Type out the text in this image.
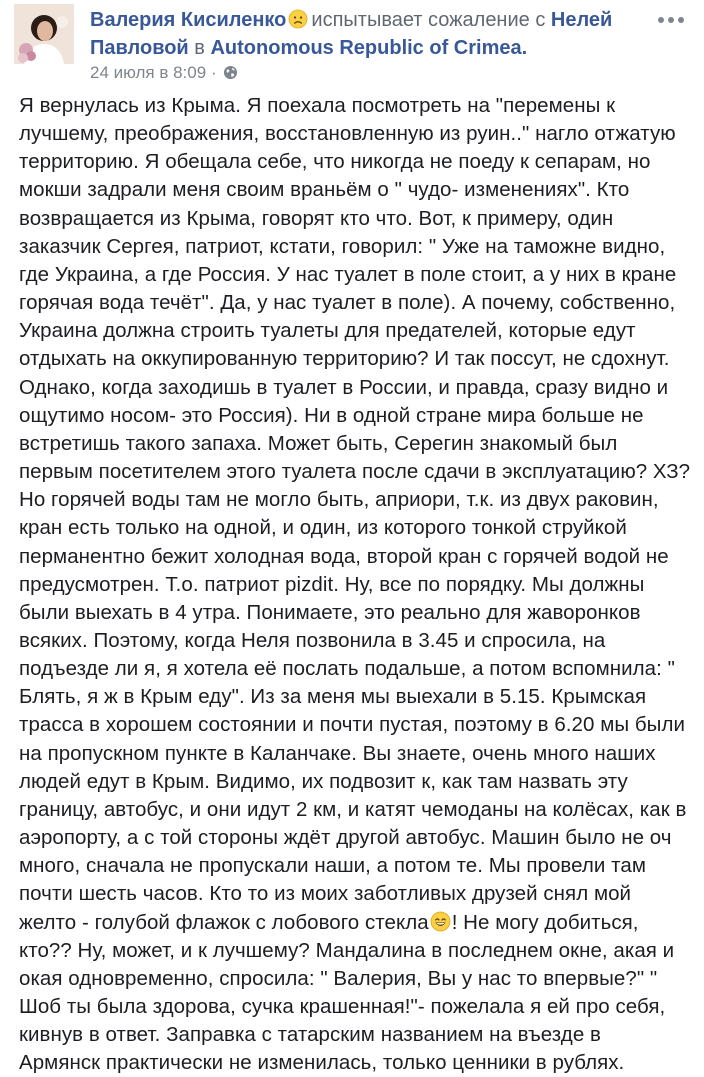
Валерия Кисиленко испытывает сожаление с Нелей
Павловой в Autonomous Republic of Crimea.
24 июля в 8:09 ·
Я вернулась из Крыма. Я поехала посмотреть на "перемены к
лучшему, преображения, восстановленную из руин.." нагло отжатую
территорию. Я обещала себе, что никогда не поеду к сепарам, но
мокши задрали меня своим враньём о " чудо- изменениях". Кто
возвращается из Крыма, говорят кто что. Вот, к примеру, один
заказчик Сергея, патриот, кстати, говорил: " Уже на таможне видно,
где Украина, а где Россия. У нас туалет в поле стоит, а у них в кране
горячая вода течёт". Да, у нас туалет в поле). А почему, собственно,
Украина должна строить туалеты для предателей, которые едут
отдыхать на оккупированную территорию? И так поссут, не сдохнут.
Однако, когда заходишь в туалет в России, и правда, сразу видно и
ощутимо носом- это Россия). Ни в одной стране мира больше не
встретишь такого запаха. Может быть, Серегин знакомый был
первым посетителем этого туалета после сдачи в эксплуатацию? ХЗ?
Но горячей воды там не могло быть, априори, т.к. из двух раковин,
кран есть только на одной, и один, из которого тонкой струйкой
перманентно бежит холодная вода, второй кран с горячей водой не
предусмотрен. Т.о. патриот pizdit. Ну, все по порядку. Мы должны
были выехать в 4 утра. Понимаете, это реально для жаворонков
всяких. Поэтому, когда Неля позвонила в 3.45 и спросила, на
подъезде ли я, я хотела её послать подальше, а потом вспомнила: "
Блять, я ж в Крым еду". Из за меня мы выехали в 5.15. Крымская
трасса в хорошем состоянии и почти пустая, поэтому в 6.20 мы были
на пропускном пункте в Каланчаке. Вы знаете, очень много наших
людей едут в Крым. Видимо, их подвозит к, как там назвать эту
границу, автобус, и они идут 2 км, и катят чемоданы на колёсах, как в
аэропорту, а с той стороны ждёт другой автобус. Машин было не оч
много, сначала не пропускали наши, а потом те. Мы провели там
почти шесть часов. Кто то из моих заботливых друзей снял мой
желто - голубой флажок с лобового стекла ! Не могу добиться,
кто?? Ну, может, и к лучшему? Мандалина в последнем окне, акая и
окая одновременно, спросила: " Валерия, Вы у нас то впервые?" "
Шоб ты была здорова, сучка крашенная!"- пожелала я ей про себя,
кивнув в ответ. Заправка с татарским названием на въезде в
Армянск практически не изменилась, только ценники в рублях.
